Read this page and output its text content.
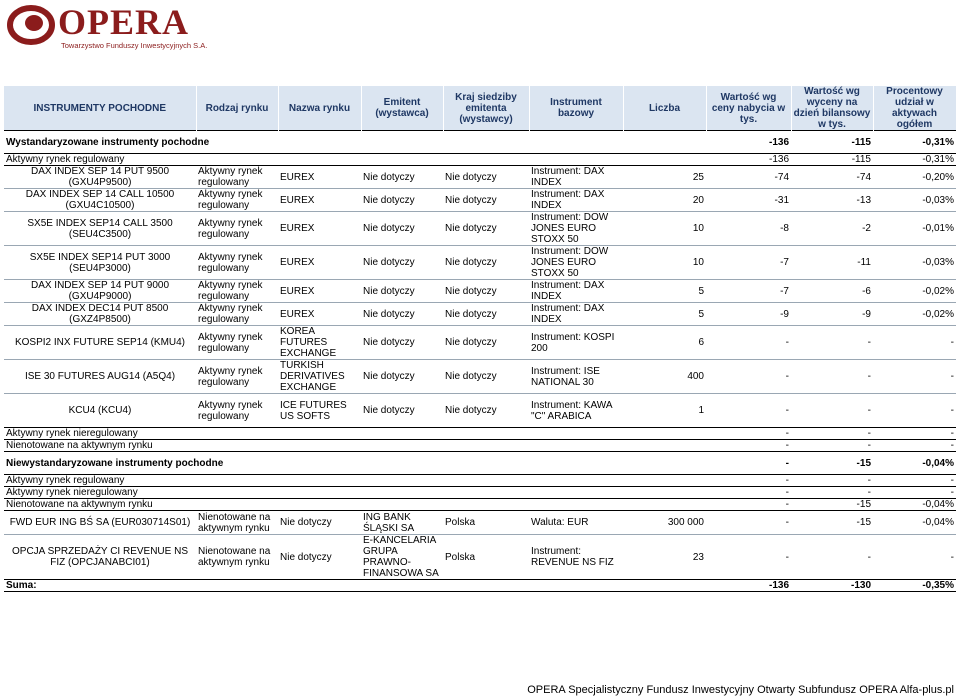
OPERA
Towarzystwo Funduszy Inwestycyjnych S.A.
INSTRUMENTY POCHODNE	Rodzaj rynku	Nazwa rynku	Emitent (wystawca)	Kraj siedziby emitenta (wystawcy)	Instrument bazowy	Liczba	Wartość wg ceny nabycia w tys.	Wartość wg wyceny na dzień bilansowy w tys.	Procentowy udział w aktywach ogółem
Wystandaryzowane instrumenty pochodne							-136	-115	-0,31%
Aktywny rynek regulowany							-136	-115	-0,31%
DAX INDEX SEP 14 PUT 9500 (GXU4P9500)	Aktywny rynek regulowany	EUREX	Nie dotyczy	Nie dotyczy	Instrument: DAX INDEX	25	-74	-74	-0,20%
DAX INDEX SEP 14 CALL 10500 (GXU4C10500)	Aktywny rynek regulowany	EUREX	Nie dotyczy	Nie dotyczy	Instrument: DAX INDEX	20	-31	-13	-0,03%
SX5E INDEX SEP14 CALL 3500 (SEU4C3500)	Aktywny rynek regulowany	EUREX	Nie dotyczy	Nie dotyczy	Instrument: DOW JONES EURO STOXX 50	10	-8	-2	-0,01%
SX5E INDEX SEP14 PUT 3000 (SEU4P3000)	Aktywny rynek regulowany	EUREX	Nie dotyczy	Nie dotyczy	Instrument: DOW JONES EURO STOXX 50	10	-7	-11	-0,03%
DAX INDEX SEP 14 PUT 9000 (GXU4P9000)	Aktywny rynek regulowany	EUREX	Nie dotyczy	Nie dotyczy	Instrument: DAX INDEX	5	-7	-6	-0,02%
DAX INDEX DEC14 PUT 8500 (GXZ4P8500)	Aktywny rynek regulowany	EUREX	Nie dotyczy	Nie dotyczy	Instrument: DAX INDEX	5	-9	-9	-0,02%
KOSPI2 INX FUTURE SEP14 (KMU4)	Aktywny rynek regulowany	KOREA FUTURES EXCHANGE	Nie dotyczy	Nie dotyczy	Instrument: KOSPI 200	6	-	-	-
ISE 30 FUTURES AUG14 (A5Q4)	Aktywny rynek regulowany	TURKISH DERIVATIVES EXCHANGE	Nie dotyczy	Nie dotyczy	Instrument: ISE NATIONAL 30	400	-	-	-
KCU4 (KCU4)	Aktywny rynek regulowany	ICE FUTURES US SOFTS	Nie dotyczy	Nie dotyczy	Instrument: KAWA "C" ARABICA	1	-	-	-
Aktywny rynek nieregulowany							-	-	-
Nienotowane na aktywnym rynku							-	-	-
Niewystandaryzowane instrumenty pochodne							-	-15	-0,04%
Aktywny rynek regulowany							-	-	-
Aktywny rynek nieregulowany							-	-	-
Nienotowane na aktywnym rynku							-	-15	-0,04%
FWD EUR ING BŚ SA (EUR030714S01)	Nienotowane na aktywnym rynku	Nie dotyczy	ING BANK ŚLĄSKI SA	Polska	Waluta: EUR	300 000	-	-15	-0,04%
OPCJA SPRZEDAŻY CI REVENUE NS FIZ (OPCJANABCI01)	Nienotowane na aktywnym rynku	Nie dotyczy	E-KANCELARIA GRUPA PRAWNO-FINANSOWA SA	Polska	Instrument: REVENUE NS FIZ	23	-	-	-
Suma:							-136	-130	-0,35%
OPERA Specjalistyczny Fundusz Inwestycyjny Otwarty Subfundusz OPERA Alfa-plus.pl
